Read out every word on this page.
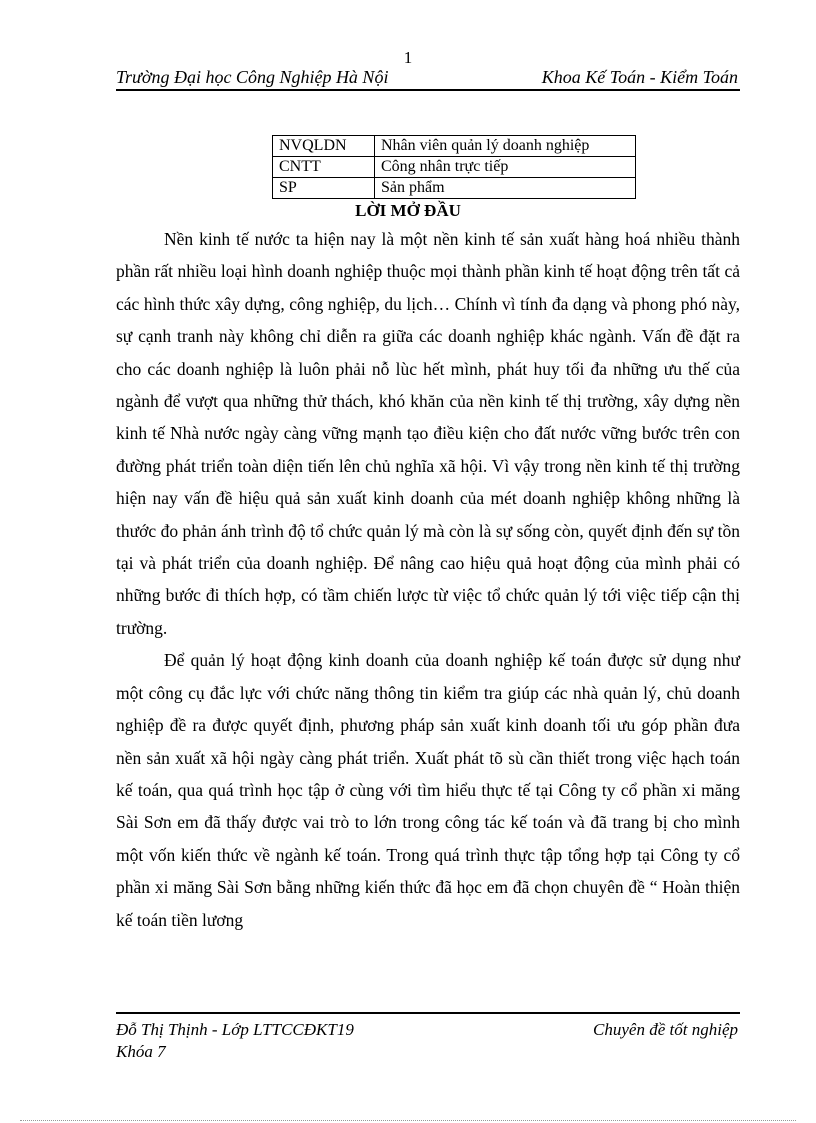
1
Trường Đại học Công Nghiệp Hà Nội	Khoa Kế Toán - Kiểm Toán
NVQLDN	Nhân viên quản lý doanh nghiệp
CNTT	Công nhân trực tiếp
SP	Sản phẩm
LỜI MỞ ĐẦU

Nền kinh tế nước ta hiện nay là một nền kinh tế sản xuất hàng hoá nhiều thành phần rất nhiều loại hình doanh nghiệp thuộc mọi thành phần kinh tế hoạt động trên tất cả các hình thức xây dựng, công nghiệp, du lịch… Chính vì tính đa dạng và phong phó này, sự cạnh tranh này không chỉ diễn ra giữa các doanh nghiệp khác ngành. Vấn đề đặt ra cho các doanh nghiệp là luôn phải nỗ lùc hết mình, phát huy tối đa những ưu thế của ngành để vượt qua những thử thách, khó khăn của nền kinh tế thị trường, xây dựng nền kinh tế Nhà nước ngày càng vững mạnh tạo điều kiện cho đất nước vững bước trên con đường phát triển toàn diện tiến lên chủ nghĩa xã hội. Vì vậy trong nền kinh tế thị trường hiện nay vấn đề hiệu quả sản xuất kinh doanh của mét doanh nghiệp không những là thước đo phản ánh trình độ tổ chức quản lý mà còn là sự sống còn, quyết định đến sự tồn tại và phát triển của doanh nghiệp. Để nâng cao hiệu quả hoạt động của mình phải có những bước đi thích hợp, có tầm chiến lược từ việc tổ chức quản lý tới việc tiếp cận thị trường.

Để quản lý hoạt động kinh doanh của doanh nghiệp kế toán được sử dụng như một công cụ đắc lực với chức năng thông tin kiểm tra giúp các nhà quản lý, chủ doanh nghiệp đề ra được quyết định, phương pháp sản xuất kinh doanh tối ưu góp phần đưa nền sản xuất xã hội ngày càng phát triển. Xuất phát tõ sù cần thiết trong việc hạch toán kế toán, qua quá trình học tập ở cùng với tìm hiểu thực tế tại Công ty cổ phần xi măng Sài Sơn em đã thấy được vai trò to lớn trong công tác kế toán và đã trang bị cho mình một vốn kiến thức về ngành kế toán. Trong quá trình thực tập tổng hợp tại Công ty cổ phần xi măng Sài Sơn bằng những kiến thức đã học em đã chọn chuyên đề “ Hoàn thiện kế toán tiền lương

Đỗ Thị Thịnh - Lớp LTTCCĐKT19	Chuyên đề tốt nghiệp
Khóa 7
